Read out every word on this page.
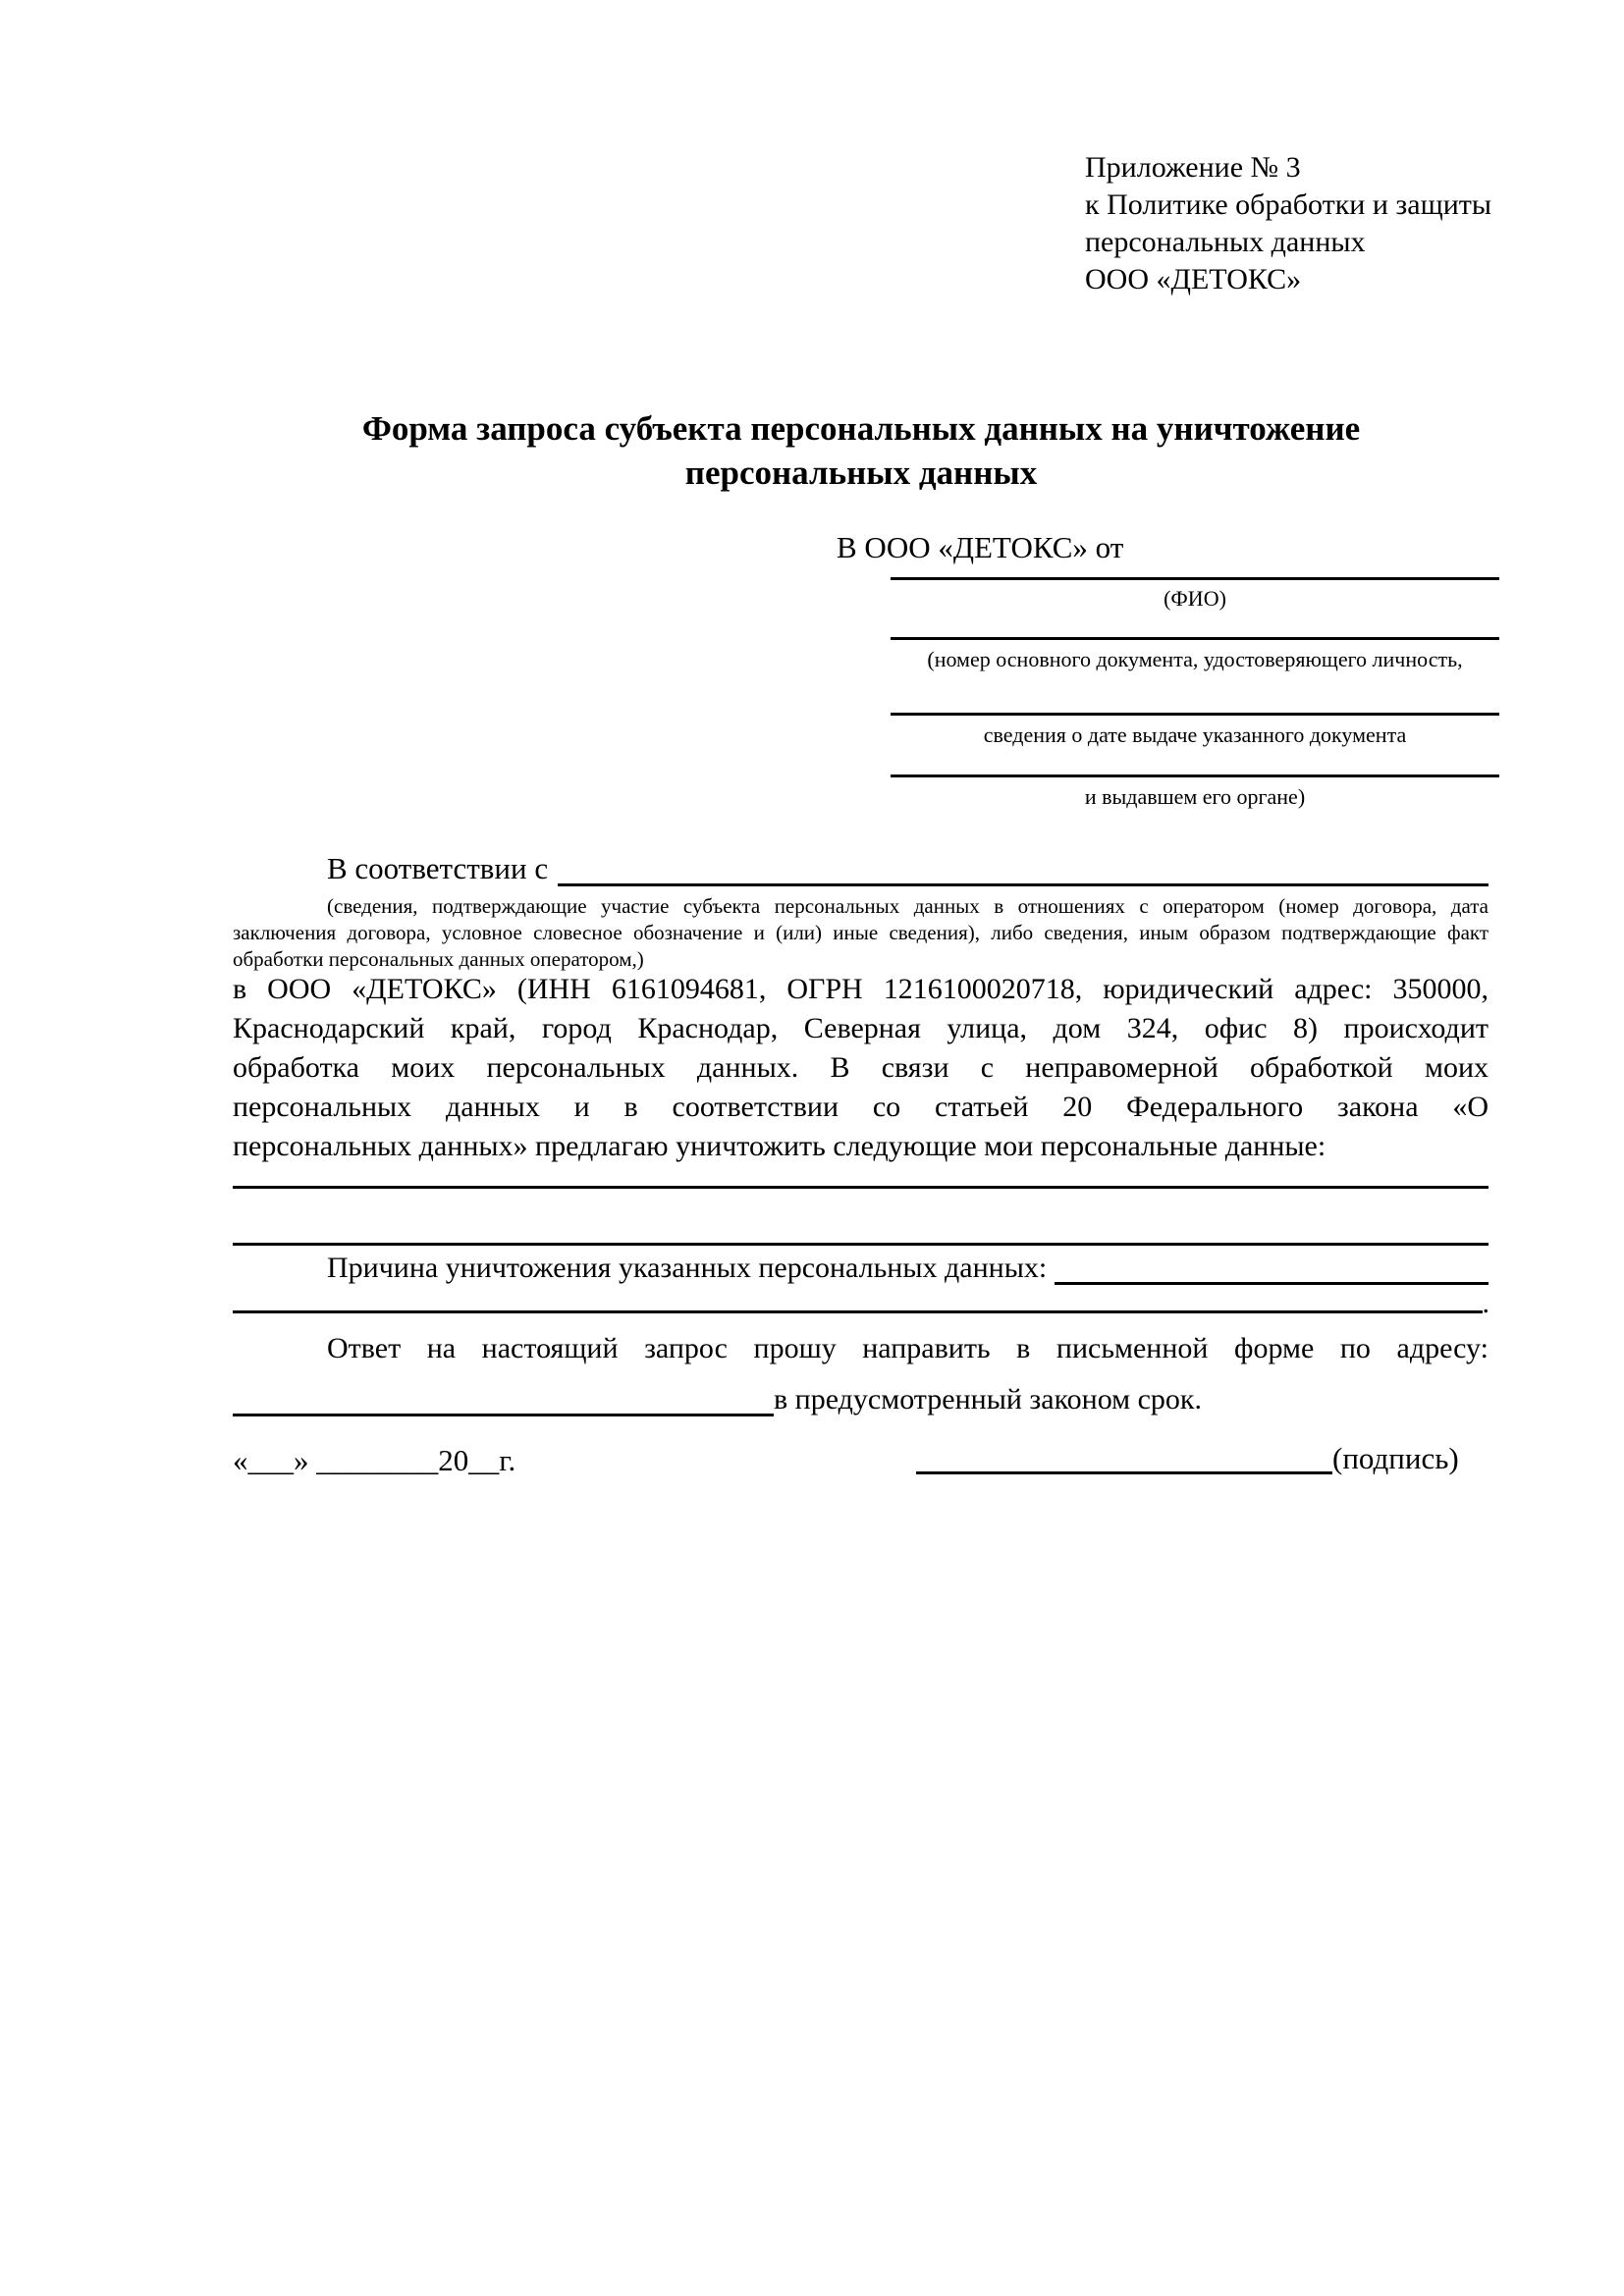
Приложение № 3
к Политике обработки и защиты
персональных данных
ООО «ДЕТОКС»
Форма запроса субъекта персональных данных на уничтожение
персональных данных
В ООО «ДЕТОКС» от
(ФИО)
(номер основного документа, удостоверяющего личность,
сведения о дате выдаче указанного документа
и выдавшем его органе)
В соответствии с
(сведения, подтверждающие участие субъекта персональных данных в отношениях с оператором (номер договора, дата
заключения договора, условное словесное обозначение и (или) иные сведения), либо сведения, иным образом подтверждающие факт
обработки персональных данных оператором,)
в ООО «ДЕТОКС» (ИНН 6161094681, ОГРН 1216100020718, юридический адрес: 350000,
Краснодарский край, город Краснодар, Северная улица, дом 324, офис 8) происходит
обработка моих персональных данных. В связи с неправомерной обработкой моих
персональных данных и в соответствии со статьей 20 Федерального закона «О
персональных данных» предлагаю уничтожить следующие мои персональные данные:
Причина уничтожения указанных персональных данных:
.
Ответ на настоящий запрос прошу направить в письменной форме по адресу:
в предусмотренный законом срок.
«___» ________20__г.	(подпись)
